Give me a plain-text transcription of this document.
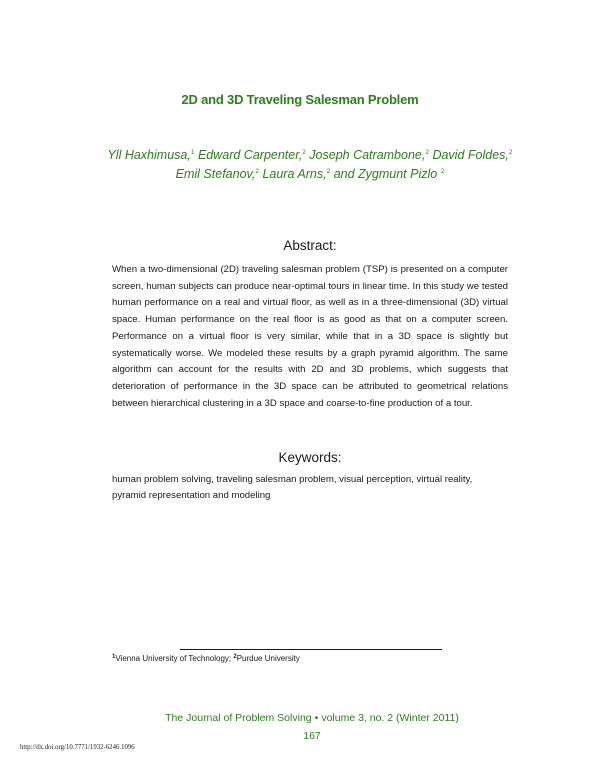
2D and 3D Traveling Salesman Problem
Yll Haxhimusa,$^1$ Edward Carpenter,$^2$ Joseph Catrambone,$^2$ David Foldes,$^2$
Emil Stefanov,$^2$ Laura Arns,$^2$ and Zygmunt Pizlo $^2$
Abstract:
When a two-dimensional (2D) traveling salesman problem (TSP) is presented on a computer screen, human subjects can produce near-optimal tours in linear time. In this study we tested human performance on a real and virtual floor, as well as in a three-dimensional (3D) virtual space. Human performance on the real floor is as good as that on a computer screen. Performance on a virtual floor is very similar, while that in a 3D space is slightly but systematically worse. We modeled these results by a graph pyramid algorithm. The same algorithm can account for the results with 2D and 3D problems, which suggests that deterioration of performance in the 3D space can be attributed to geometrical relations between hierarchical clustering in a 3D space and coarse-to-fine production of a tour.
Keywords:
human problem solving, traveling salesman problem, visual perception, virtual reality, pyramid representation and modeling
$^1$Vienna University of Technology; $^2$Purdue University
The Journal of Problem Solving • volume 3, no. 2 (Winter 2011)
167
http://dx.doi.org/10.7771/1932-6246.1096
